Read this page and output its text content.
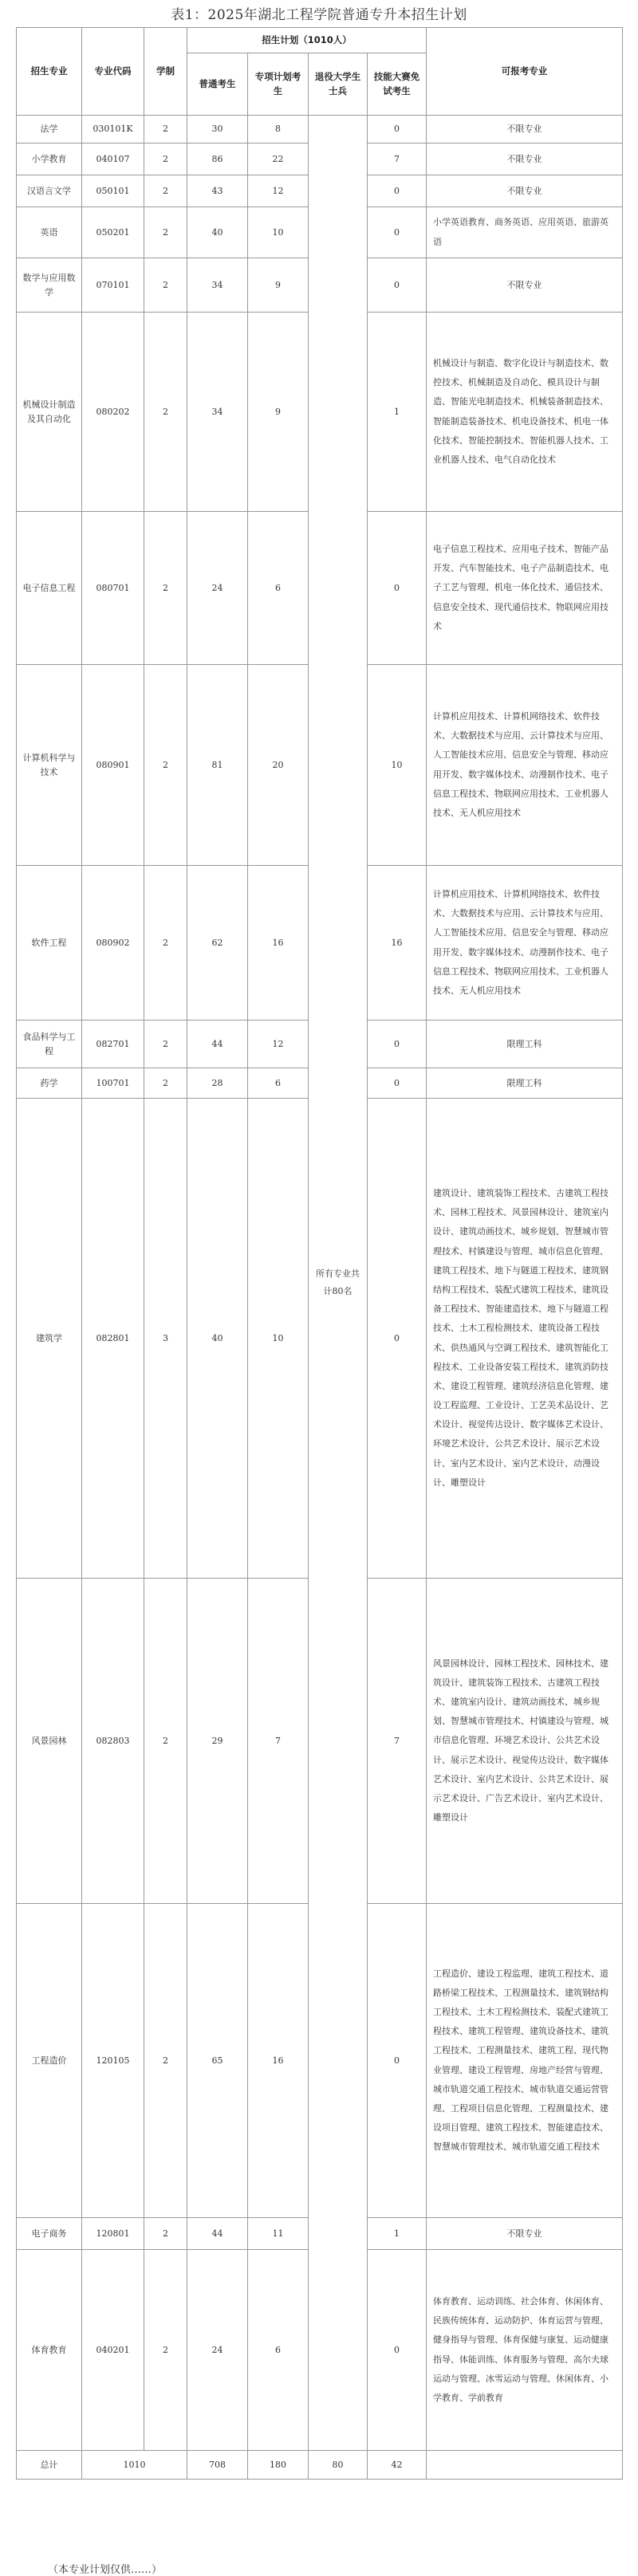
表1：2025年湖北工程学院普通专升本招生计划
招生专业	专业代码	学制	招生计划（1010人）				可报考专业
			普通考生	专项计划考生	退役大学生士兵	技能大赛免试考生	
法学	030101K	2	30	8	所有专业共计80名	0	不限专业
小学教育	040107	2	86	22		7	不限专业
汉语言文学	050101	2	43	12		0	不限专业
英语	050201	2	40	10		0	小学英语教育、商务英语、应用英语、旅游英语
数学与应用数学	070101	2	34	9		0	不限专业
机械设计制造及其自动化	080202	2	34	9		1	机械设计与制造、数字化设计与制造技术、数控技术、机械制造及自动化、模具设计与制造、智能光电制造技术、机械装备制造技术、智能制造装备技术、机电设备技术、机电一体化技术、智能控制技术、智能机器人技术、工业机器人技术、电气自动化技术
电子信息工程	080701	2	24	6		0	电子信息工程技术、应用电子技术、智能产品开发、汽车智能技术、电子产品制造技术、电子工艺与管理、机电一体化技术、通信技术、信息安全技术、现代通信技术、物联网应用技术
计算机科学与技术	080901	2	81	20		10	计算机应用技术、计算机网络技术、软件技术、大数据技术与应用、云计算技术与应用、人工智能技术应用、信息安全与管理、移动应用开发、数字媒体技术、动漫制作技术、电子信息工程技术、物联网应用技术、工业机器人技术、无人机应用技术
软件工程	080902	2	62	16		16	计算机应用技术、计算机网络技术、软件技术、大数据技术与应用、云计算技术与应用、人工智能技术应用、信息安全与管理、移动应用开发、数字媒体技术、动漫制作技术、电子信息工程技术、物联网应用技术、工业机器人技术、无人机应用技术
食品科学与工程	082701	2	44	12		0	限理工科
药学	100701	2	28	6		0	限理工科
建筑学	082801	3	40	10		0	建筑设计、建筑装饰工程技术、古建筑工程技术、园林工程技术、风景园林设计、建筑室内设计、建筑动画技术、城乡规划、智慧城市管理技术、村镇建设与管理、城市信息化管理、建筑工程技术、地下与隧道工程技术、建筑钢结构工程技术、装配式建筑工程技术、建筑设备工程技术、智能建造技术、地下与隧道工程技术、土木工程检测技术、建筑设备工程技术、供热通风与空调工程技术、建筑智能化工程技术、工业设备安装工程技术、建筑消防技术、建设工程管理、建筑经济信息化管理、建设工程监理、工业设计、工艺美术品设计、艺术设计、视觉传达设计、数字媒体艺术设计、环境艺术设计、公共艺术设计、展示艺术设计、室内艺术设计、室内艺术设计、动漫设计、雕塑设计
风景园林	082803	2	29	7		7	风景园林设计、园林工程技术、园林技术、建筑设计、建筑装饰工程技术、古建筑工程技术、建筑室内设计、建筑动画技术、城乡规划、智慧城市管理技术、村镇建设与管理、城市信息化管理、环境艺术设计、公共艺术设计、展示艺术设计、视觉传达设计、数字媒体艺术设计、室内艺术设计、公共艺术设计、展示艺术设计、广告艺术设计、室内艺术设计、雕塑设计
工程造价	120105	2	65	16		0	工程造价、建设工程监理、建筑工程技术、道路桥梁工程技术、工程测量技术、建筑钢结构工程技术、土木工程检测技术、装配式建筑工程技术、建筑工程管理、建筑设备技术、建筑工程技术、工程测量技术、建筑工程、现代物业管理、建设工程管理、房地产经营与管理、城市轨道交通工程技术、城市轨道交通运营管理、工程项目信息化管理、工程测量技术、建设项目管理、建筑工程技术、智能建造技术、智慧城市管理技术、城市轨道交通工程技术
电子商务	120801	2	44	11		1	不限专业
体育教育	040201	2	24	6		0	体育教育、运动训练、社会体育、休闲体育、民族传统体育、运动防护、体育运营与管理、健身指导与管理、体育保健与康复、运动健康指导、体能训练、体育服务与管理、高尔夫球运动与管理、冰雪运动与管理、休闲体育、小学教育、学前教育
总计	1010		708	180	80	42	
（本专业计划仅供……）
